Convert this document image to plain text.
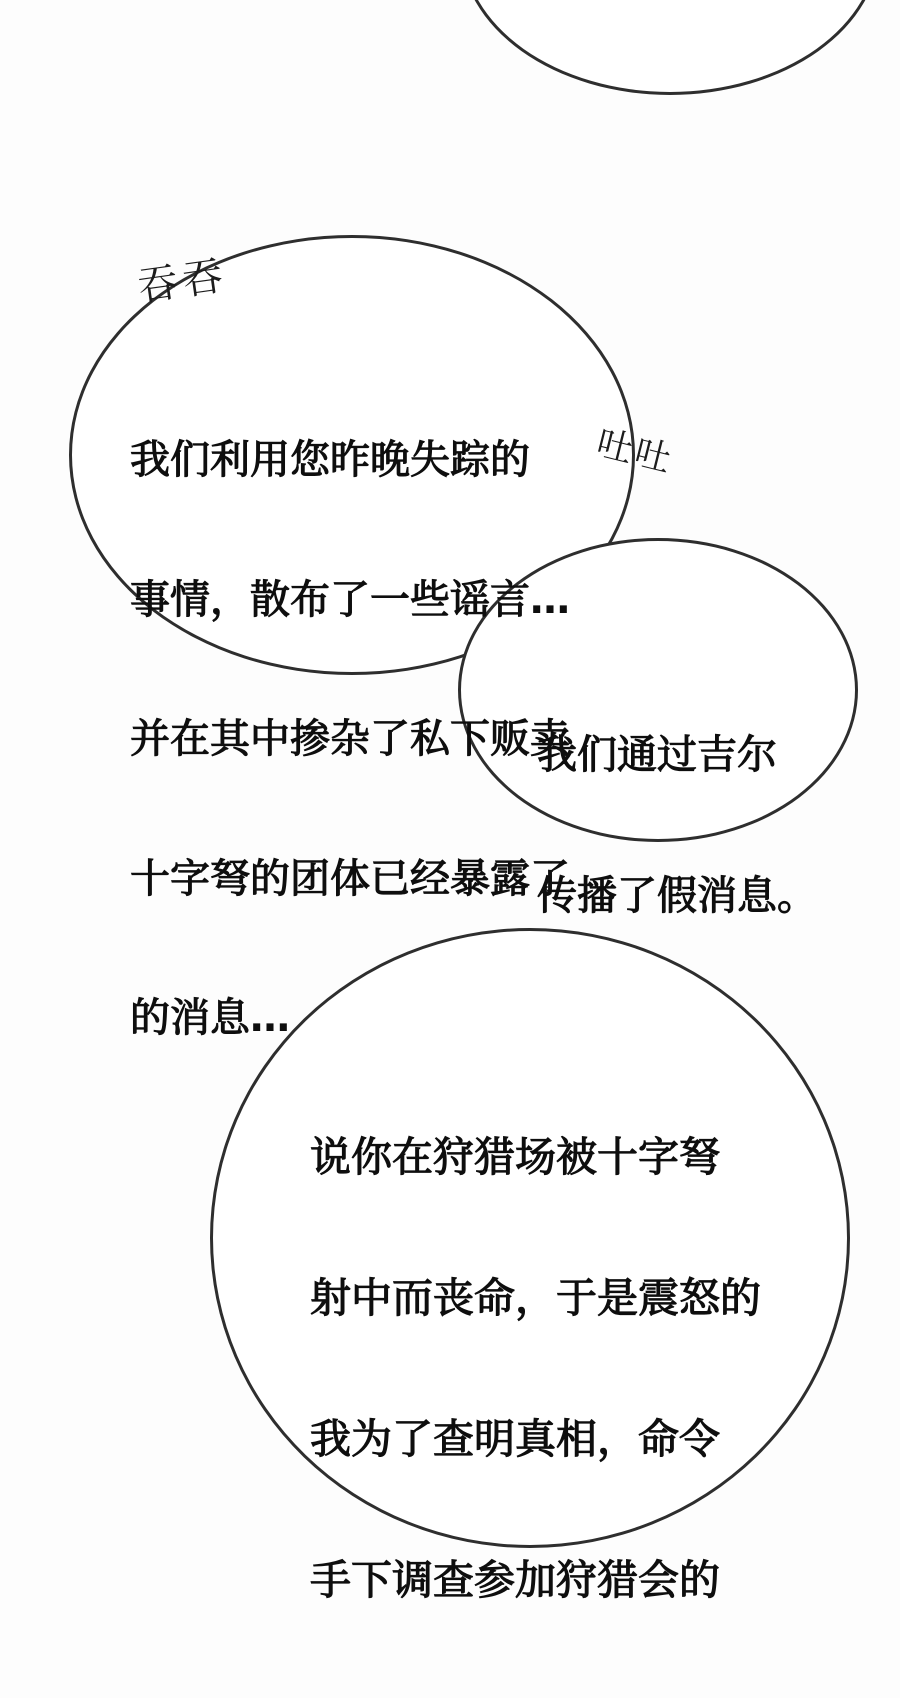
吞吞
吐吐

我们利用您昨晚失踪的

事情，散布了一些谣言…

并在其中掺杂了私下贩卖

十字弩的团体已经暴露了

的消息…

我们通过吉尔

传播了假消息。

说你在狩猎场被十字弩

射中而丧命，于是震怒的

我为了查明真相，命令

手下调查参加狩猎会的
